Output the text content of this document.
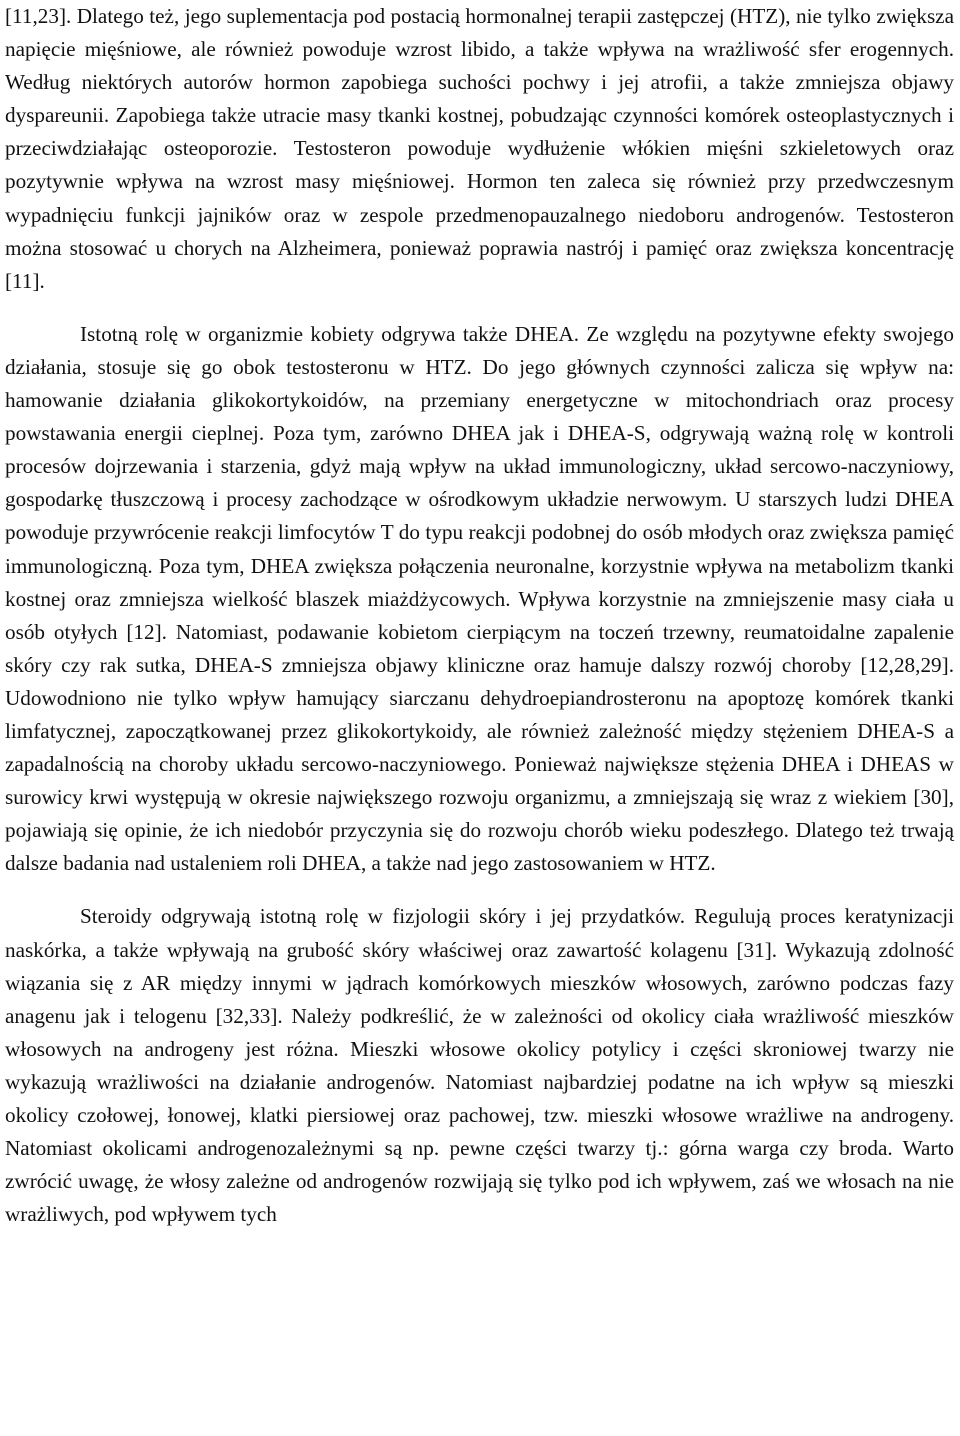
[11,23]. Dlatego też, jego suplementacja pod postacią hormonalnej terapii zastępczej (HTZ), nie tylko zwiększa napięcie mięśniowe, ale również powoduje wzrost libido, a także wpływa na wrażliwość sfer erogennych. Według niektórych autorów hormon zapobiega suchości pochwy i jej atrofii, a także zmniejsza objawy dyspareunii. Zapobiega także utracie masy tkanki kostnej, pobudzając czynności komórek osteoplastycznych i przeciwdziałając osteoporozie. Testosteron powoduje wydłużenie włókien mięśni szkieletowych oraz pozytywnie wpływa na wzrost masy mięśniowej. Hormon ten zaleca się również przy przedwczesnym wypadnięciu funkcji jajników oraz w zespole przedmenopauzalnego niedoboru androgenów. Testosteron można stosować u chorych na Alzheimera, ponieważ poprawia nastrój i pamięć oraz zwiększa koncentrację [11].

Istotną rolę w organizmie kobiety odgrywa także DHEA. Ze względu na pozytywne efekty swojego działania, stosuje się go obok testosteronu w HTZ. Do jego głównych czynności zalicza się wpływ na: hamowanie działania glikokortykoidów, na przemiany energetyczne w mitochondriach oraz procesy powstawania energii cieplnej. Poza tym, zarówno DHEA jak i DHEA-S, odgrywają ważną rolę w kontroli procesów dojrzewania i starzenia, gdyż mają wpływ na układ immunologiczny, układ sercowo-naczyniowy, gospodarkę tłuszczową i procesy zachodzące w ośrodkowym układzie nerwowym. U starszych ludzi DHEA powoduje przywrócenie reakcji limfocytów T do typu reakcji podobnej do osób młodych oraz zwiększa pamięć immunologiczną. Poza tym, DHEA zwiększa połączenia neuronalne, korzystnie wpływa na metabolizm tkanki kostnej oraz zmniejsza wielkość blaszek miażdżycowych. Wpływa korzystnie na zmniejszenie masy ciała u osób otyłych [12]. Natomiast, podawanie kobietom cierpiącym na toczeń trzewny, reumatoidalne zapalenie skóry czy rak sutka, DHEA-S zmniejsza objawy kliniczne oraz hamuje dalszy rozwój choroby [12,28,29]. Udowodniono nie tylko wpływ hamujący siarczanu dehydroepiandrosteronu na apoptozę komórek tkanki limfatycznej, zapoczątkowanej przez glikokortykoidy, ale również zależność między stężeniem DHEA-S a zapadalnością na choroby układu sercowo-naczyniowego. Ponieważ największe stężenia DHEA i DHEAS w surowicy krwi występują w okresie największego rozwoju organizmu, a zmniejszają się wraz z wiekiem [30], pojawiają się opinie, że ich niedobór przyczynia się do rozwoju chorób wieku podeszłego. Dlatego też trwają dalsze badania nad ustaleniem roli DHEA, a także nad jego zastosowaniem w HTZ.

Steroidy odgrywają istotną rolę w fizjologii skóry i jej przydatków. Regulują proces keratynizacji naskórka, a także wpływają na grubość skóry właściwej oraz zawartość kolagenu [31]. Wykazują zdolność wiązania się z AR między innymi w jądrach komórkowych mieszków włosowych, zarówno podczas fazy anagenu jak i telogenu [32,33]. Należy podkreślić, że w zależności od okolicy ciała wrażliwość mieszków włosowych na androgeny jest różna. Mieszki włosowe okolicy potylicy i części skroniowej twarzy nie wykazują wrażliwości na działanie androgenów. Natomiast najbardziej podatne na ich wpływ są mieszki okolicy czołowej, łonowej, klatki piersiowej oraz pachowej, tzw. mieszki włosowe wrażliwe na androgeny. Natomiast okolicami androgenozależnymi są np. pewne części twarzy tj.: górna warga czy broda. Warto zwrócić uwagę, że włosy zależne od androgenów rozwijają się tylko pod ich wpływem, zaś we włosach na nie wrażliwych, pod wpływem tych
